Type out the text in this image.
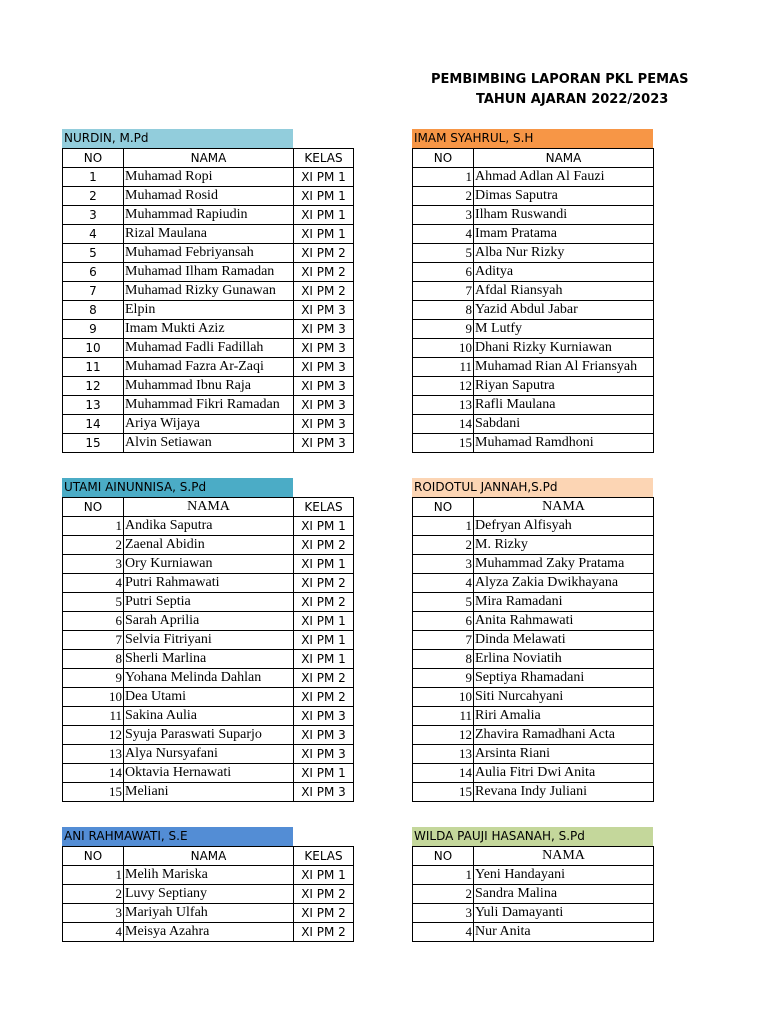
PEMBIMBING LAPORAN PKL PEMAS
TAHUN AJARAN 2022/2023
NURDIN, M.Pd
NO	NAMA	KELAS
1	Muhamad Ropi	XI PM 1
2	Muhamad Rosid	XI PM 1
3	Muhammad Rapiudin	XI PM 1
4	Rizal Maulana	XI PM 1
5	Muhamad Febriyansah	XI PM 2
6	Muhamad Ilham Ramadan	XI PM 2
7	Muhamad Rizky Gunawan	XI PM 2
8	Elpin	XI PM 3
9	Imam Mukti Aziz	XI PM 3
10	Muhamad Fadli Fadillah	XI PM 3
11	Muhamad Fazra Ar-Zaqi	XI PM 3
12	Muhammad Ibnu Raja	XI PM 3
13	Muhammad Fikri Ramadan	XI PM 3
14	Ariya Wijaya	XI PM 3
15	Alvin Setiawan	XI PM 3
IMAM SYAHRUL, S.H
NO	NAMA
1	Ahmad Adlan Al Fauzi
2	Dimas Saputra
3	Ilham Ruswandi
4	Imam Pratama
5	Alba Nur Rizky
6	Aditya
7	Afdal Riansyah
8	Yazid Abdul Jabar
9	M Lutfy
10	Dhani Rizky Kurniawan
11	Muhamad Rian Al Friansyah
12	Riyan Saputra
13	Rafli Maulana
14	Sabdani
15	Muhamad Ramdhoni
UTAMI AINUNNISA, S.Pd
NO	NAMA	KELAS
1	Andika Saputra	XI PM 1
2	Zaenal Abidin	XI PM 2
3	Ory Kurniawan	XI PM 1
4	Putri Rahmawati	XI PM 2
5	Putri Septia	XI PM 2
6	Sarah Aprilia	XI PM 1
7	Selvia Fitriyani	XI PM 1
8	Sherli Marlina	XI PM 1
9	Yohana Melinda Dahlan	XI PM 2
10	Dea Utami	XI PM 2
11	Sakina Aulia	XI PM 3
12	Syuja Paraswati Suparjo	XI PM 3
13	Alya Nursyafani	XI PM 3
14	Oktavia Hernawati	XI PM 1
15	Meliani	XI PM 3
ROIDOTUL JANNAH,S.Pd
NO	NAMA
1	Defryan Alfisyah
2	M. Rizky
3	Muhammad Zaky Pratama
4	Alyza Zakia Dwikhayana
5	Mira Ramadani
6	Anita Rahmawati
7	Dinda Melawati
8	Erlina Noviatih
9	Septiya Rhamadani
10	Siti Nurcahyani
11	Riri Amalia
12	Zhavira Ramadhani Acta
13	Arsinta Riani
14	Aulia Fitri Dwi Anita
15	Revana Indy Juliani
ANI RAHMAWATI, S.E
NO	NAMA	KELAS
1	Melih Mariska	XI PM 1
2	Luvy Septiany	XI PM 2
3	Mariyah Ulfah	XI PM 2
4	Meisya Azahra	XI PM 2
WILDA PAUJI HASANAH, S.Pd
NO	NAMA
1	Yeni Handayani
2	Sandra Malina
3	Yuli Damayanti
4	Nur Anita
